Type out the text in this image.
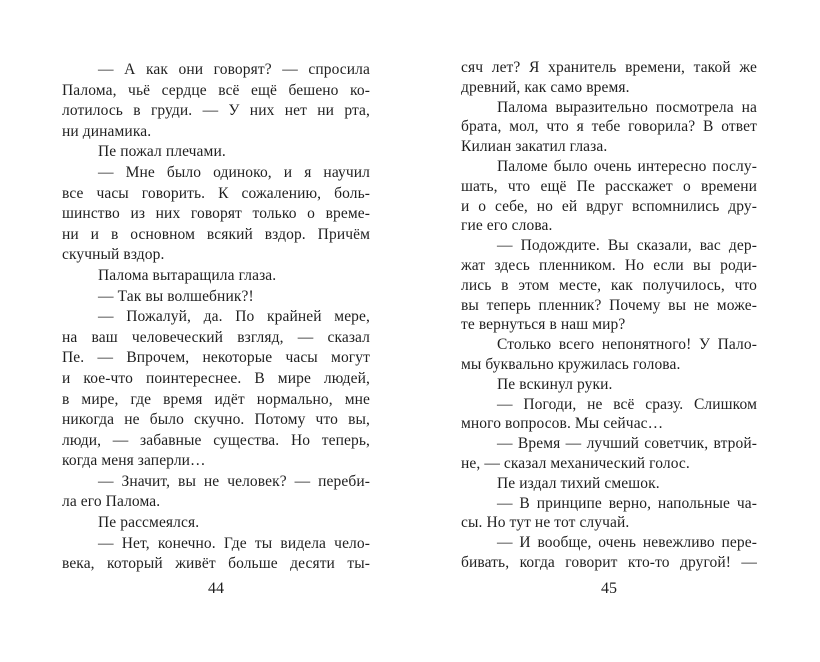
— А как они говорят? — спросила
Палома, чьё сердце всё ещё бешено ко-
лотилось в груди. — У них нет ни рта,
ни динамика.
Пе пожал плечами.
— Мне было одиноко, и я научил
все часы говорить. К сожалению, боль-
шинство из них говорят только о време-
ни и в основном всякий вздор. Причём
скучный вздор.
Палома вытаращила глаза.
— Так вы волшебник?!
— Пожалуй, да. По крайней мере,
на ваш человеческий взгляд, — сказал
Пе. — Впрочем, некоторые часы могут
и кое-что поинтереснее. В мире людей,
в мире, где время идёт нормально, мне
никогда не было скучно. Потому что вы,
люди, — забавные существа. Но теперь,
когда меня заперли…
— Значит, вы не человек? — переби-
ла его Палома.
Пе рассмеялся.
— Нет, конечно. Где ты видела чело-
века, который живёт больше десяти ты-
сяч лет? Я хранитель времени, такой же
древний, как само время.
Палома выразительно посмотрела на
брата, мол, что я тебе говорила? В ответ
Килиан закатил глаза.
Паломе было очень интересно послу-
шать, что ещё Пе расскажет о времени
и о себе, но ей вдруг вспомнились дру-
гие его слова.
— Подождите. Вы сказали, вас дер-
жат здесь пленником. Но если вы роди-
лись в этом месте, как получилось, что
вы теперь пленник? Почему вы не може-
те вернуться в наш мир?
Столько всего непонятного! У Пало-
мы буквально кружилась голова.
Пе вскинул руки.
— Погоди, не всё сразу. Слишком
много вопросов. Мы сейчас…
— Время — лучший советчик, втрой-
не, — сказал механический голос.
Пе издал тихий смешок.
— В принципе верно, напольные ча-
сы. Но тут не тот случай.
— И вообще, очень невежливо пере-
бивать, когда говорит кто-то другой! —
44	45
